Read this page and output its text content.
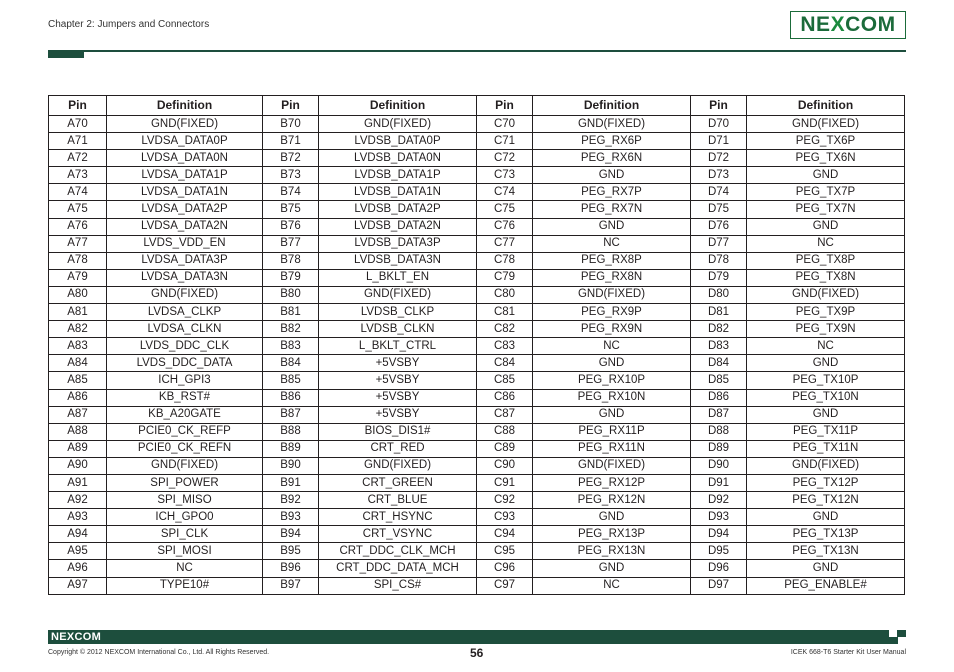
Chapter 2: Jumpers and Connectors	NEXCOM
Pin	Definition	Pin	Definition	Pin	Definition	Pin	Definition
A70	GND(FIXED)	B70	GND(FIXED)	C70	GND(FIXED)	D70	GND(FIXED)
A71	LVDSA_DATA0P	B71	LVDSB_DATA0P	C71	PEG_RX6P	D71	PEG_TX6P
A72	LVDSA_DATA0N	B72	LVDSB_DATA0N	C72	PEG_RX6N	D72	PEG_TX6N
A73	LVDSA_DATA1P	B73	LVDSB_DATA1P	C73	GND	D73	GND
A74	LVDSA_DATA1N	B74	LVDSB_DATA1N	C74	PEG_RX7P	D74	PEG_TX7P
A75	LVDSA_DATA2P	B75	LVDSB_DATA2P	C75	PEG_RX7N	D75	PEG_TX7N
A76	LVDSA_DATA2N	B76	LVDSB_DATA2N	C76	GND	D76	GND
A77	LVDS_VDD_EN	B77	LVDSB_DATA3P	C77	NC	D77	NC
A78	LVDSA_DATA3P	B78	LVDSB_DATA3N	C78	PEG_RX8P	D78	PEG_TX8P
A79	LVDSA_DATA3N	B79	L_BKLT_EN	C79	PEG_RX8N	D79	PEG_TX8N
A80	GND(FIXED)	B80	GND(FIXED)	C80	GND(FIXED)	D80	GND(FIXED)
A81	LVDSA_CLKP	B81	LVDSB_CLKP	C81	PEG_RX9P	D81	PEG_TX9P
A82	LVDSA_CLKN	B82	LVDSB_CLKN	C82	PEG_RX9N	D82	PEG_TX9N
A83	LVDS_DDC_CLK	B83	L_BKLT_CTRL	C83	NC	D83	NC
A84	LVDS_DDC_DATA	B84	+5VSBY	C84	GND	D84	GND
A85	ICH_GPI3	B85	+5VSBY	C85	PEG_RX10P	D85	PEG_TX10P
A86	KB_RST#	B86	+5VSBY	C86	PEG_RX10N	D86	PEG_TX10N
A87	KB_A20GATE	B87	+5VSBY	C87	GND	D87	GND
A88	PCIE0_CK_REFP	B88	BIOS_DIS1#	C88	PEG_RX11P	D88	PEG_TX11P
A89	PCIE0_CK_REFN	B89	CRT_RED	C89	PEG_RX11N	D89	PEG_TX11N
A90	GND(FIXED)	B90	GND(FIXED)	C90	GND(FIXED)	D90	GND(FIXED)
A91	SPI_POWER	B91	CRT_GREEN	C91	PEG_RX12P	D91	PEG_TX12P
A92	SPI_MISO	B92	CRT_BLUE	C92	PEG_RX12N	D92	PEG_TX12N
A93	ICH_GPO0	B93	CRT_HSYNC	C93	GND	D93	GND
A94	SPI_CLK	B94	CRT_VSYNC	C94	PEG_RX13P	D94	PEG_TX13P
A95	SPI_MOSI	B95	CRT_DDC_CLK_MCH	C95	PEG_RX13N	D95	PEG_TX13N
A96	NC	B96	CRT_DDC_DATA_MCH	C96	GND	D96	GND
A97	TYPE10#	B97	SPI_CS#	C97	NC	D97	PEG_ENABLE#
NEXCOM
Copyright © 2012 NEXCOM International Co., Ltd. All Rights Reserved.	56	ICEK 668-T6 Starter Kit User Manual
